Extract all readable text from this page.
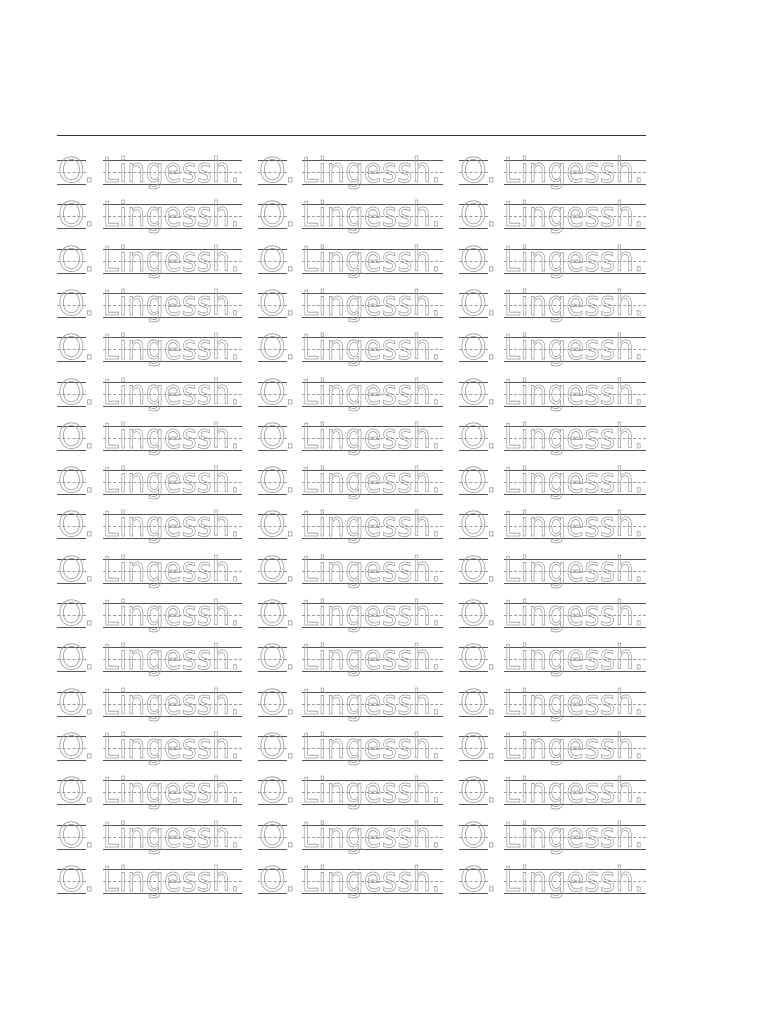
O. Lingessh. O. Lingessh. O. Lingessh.
O. Lingessh. O. Lingessh. O. Lingessh.
O. Lingessh. O. Lingessh. O. Lingessh.
O. Lingessh. O. Lingessh. O. Lingessh.
O. Lingessh. O. Lingessh. O. Lingessh.
O. Lingessh. O. Lingessh. O. Lingessh.
O. Lingessh. O. Lingessh. O. Lingessh.
O. Lingessh. O. Lingessh. O. Lingessh.
O. Lingessh. O. Lingessh. O. Lingessh.
O. Lingessh. O. Lingessh. O. Lingessh.
O. Lingessh. O. Lingessh. O. Lingessh.
O. Lingessh. O. Lingessh. O. Lingessh.
O. Lingessh. O. Lingessh. O. Lingessh.
O. Lingessh. O. Lingessh. O. Lingessh.
O. Lingessh. O. Lingessh. O. Lingessh.
O. Lingessh. O. Lingessh. O. Lingessh.
O. Lingessh. O. Lingessh. O. Lingessh.
